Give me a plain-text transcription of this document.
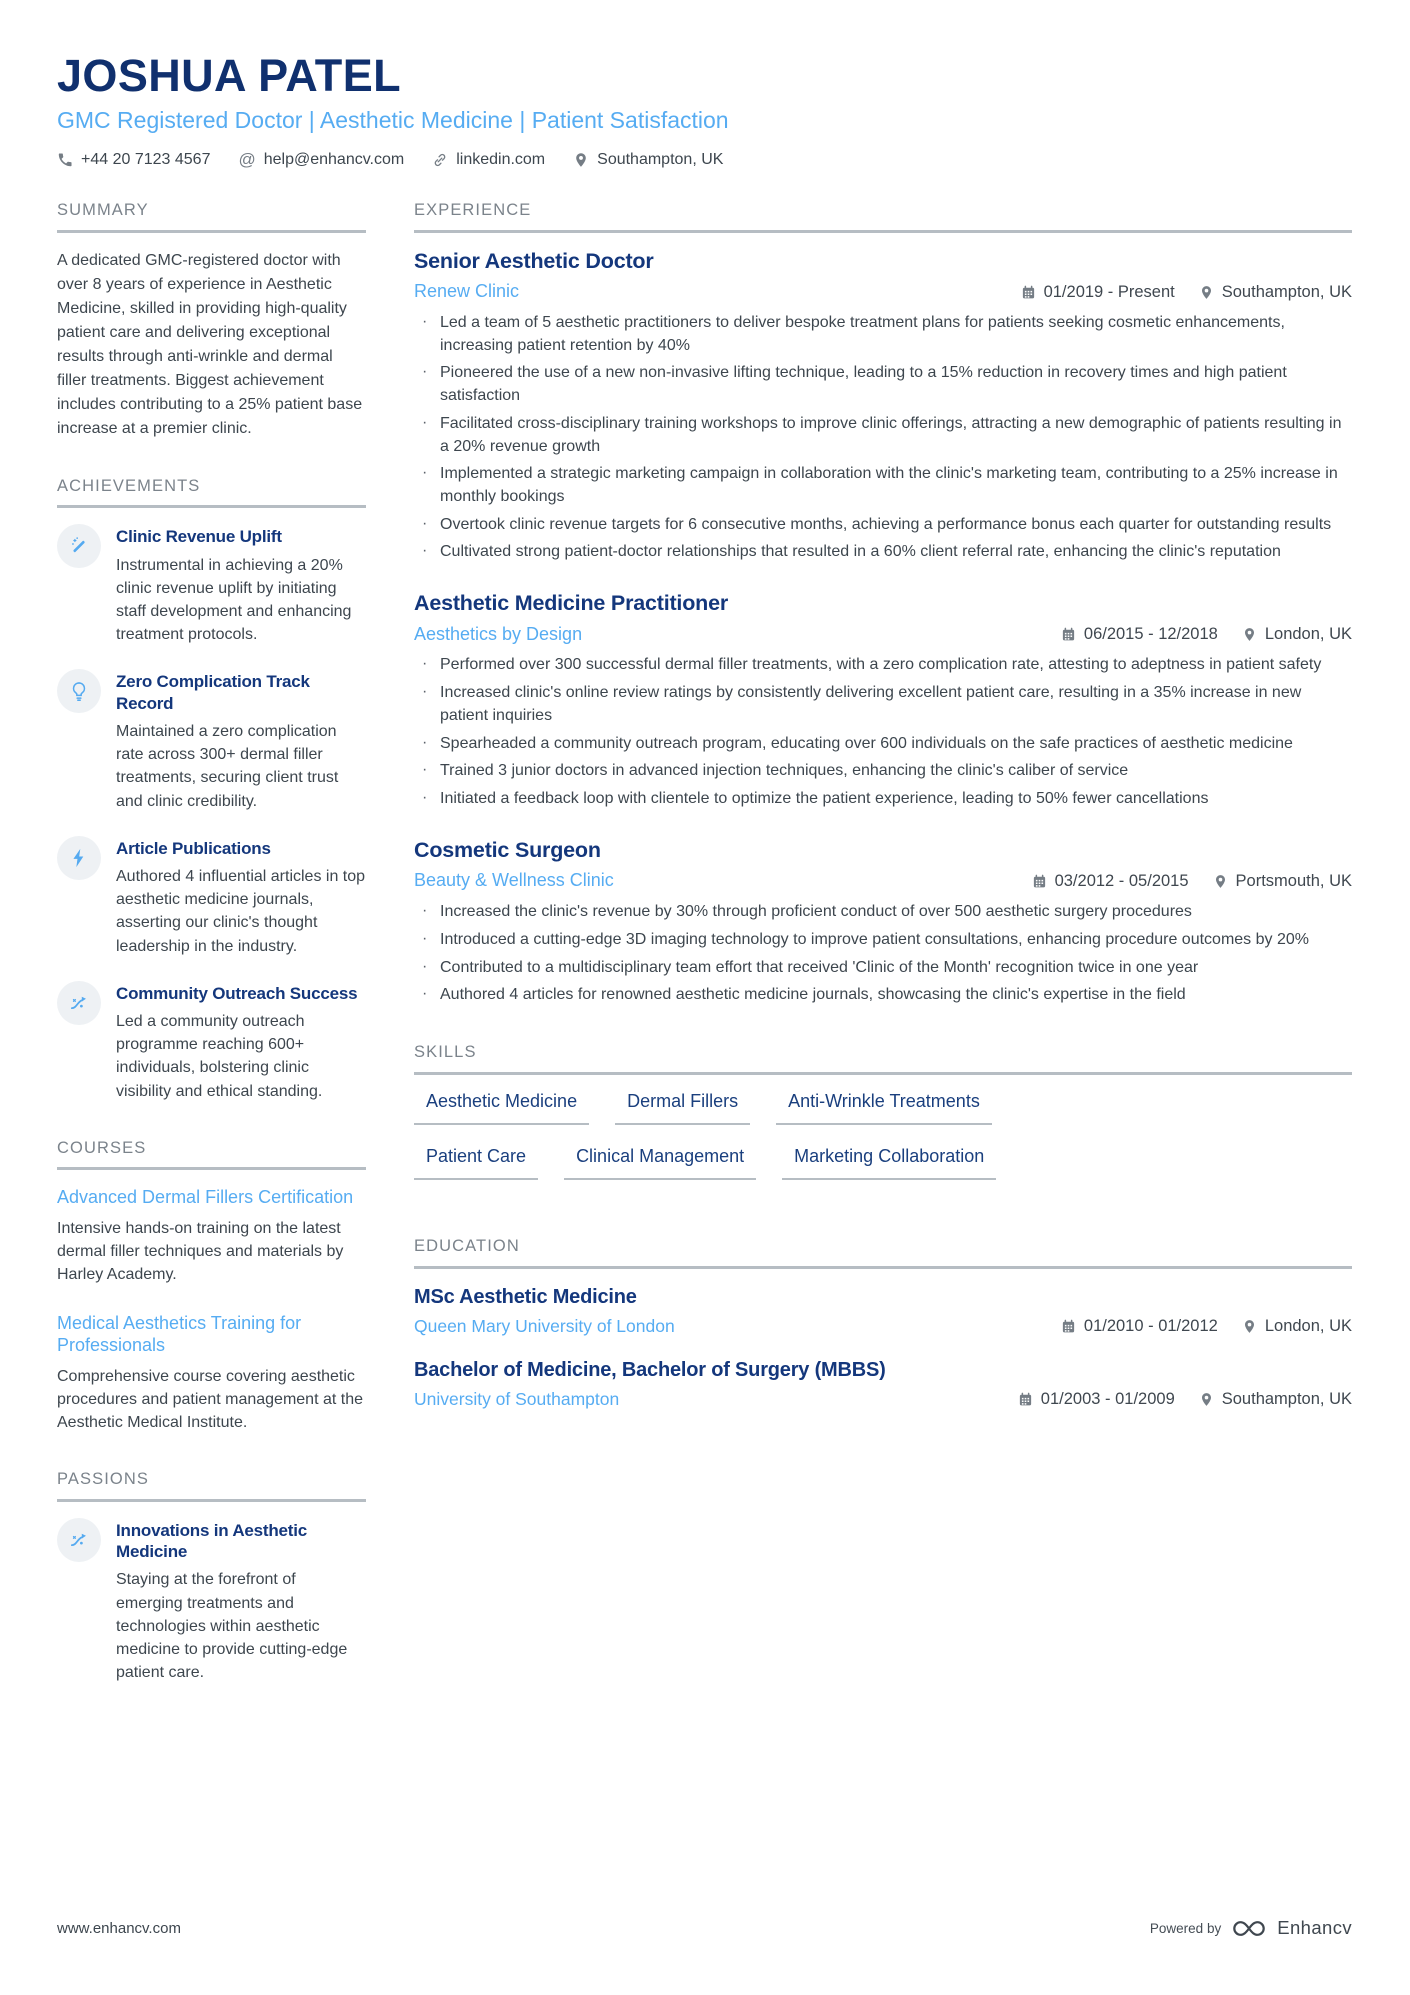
JOSHUA PATEL
GMC Registered Doctor | Aesthetic Medicine | Patient Satisfaction
+44 20 7123 4567 @ help@enhancv.com	linkedin.com	Southampton, UK
SUMMARY

A dedicated GMC-registered doctor with over 8 years of experience in Aesthetic Medicine, skilled in providing high-quality patient care and delivering exceptional results through anti-wrinkle and dermal filler treatments. Biggest achievement includes contributing to a 25% patient base increase at a premier clinic.

ACHIEVEMENTS
Clinic Revenue Uplift

Instrumental in achieving a 20% clinic revenue uplift by initiating staff development and enhancing treatment protocols.

Zero Complication Track Record

Maintained a zero complication rate across 300+ dermal filler treatments, securing client trust and clinic credibility.

Article Publications

Authored 4 influential articles in top aesthetic medicine journals, asserting our clinic's thought leadership in the industry.

Community Outreach Success

Led a community outreach programme reaching 600+ individuals, bolstering clinic visibility and ethical standing.

COURSES
Advanced Dermal Fillers Certification

Intensive hands-on training on the latest dermal filler techniques and materials by Harley Academy.

Medical Aesthetics Training for Professionals

Comprehensive course covering aesthetic procedures and patient management at the Aesthetic Medical Institute.

PASSIONS
Innovations in Aesthetic Medicine

Staying at the forefront of emerging treatments and technologies within aesthetic medicine to provide cutting-edge patient care.

EXPERIENCE
Senior Aesthetic Doctor
Renew Clinic	01/2019 - Present	Southampton, UK
· Led a team of 5 aesthetic practitioners to deliver bespoke treatment plans for patients seeking cosmetic enhancements, increasing patient retention by 40%
· Pioneered the use of a new non-invasive lifting technique, leading to a 15% reduction in recovery times and high patient satisfaction
· Facilitated cross-disciplinary training workshops to improve clinic offerings, attracting a new demographic of patients resulting in a 20% revenue growth
· Implemented a strategic marketing campaign in collaboration with the clinic's marketing team, contributing to a 25% increase in monthly bookings
· Overtook clinic revenue targets for 6 consecutive months, achieving a performance bonus each quarter for outstanding results
· Cultivated strong patient-doctor relationships that resulted in a 60% client referral rate, enhancing the clinic's reputation
Aesthetic Medicine Practitioner
Aesthetics by Design	06/2015 - 12/2018	London, UK
· Performed over 300 successful dermal filler treatments, with a zero complication rate, attesting to adeptness in patient safety
· Increased clinic's online review ratings by consistently delivering excellent patient care, resulting in a 35% increase in new patient inquiries
· Spearheaded a community outreach program, educating over 600 individuals on the safe practices of aesthetic medicine
· Trained 3 junior doctors in advanced injection techniques, enhancing the clinic's caliber of service
· Initiated a feedback loop with clientele to optimize the patient experience, leading to 50% fewer cancellations
Cosmetic Surgeon
Beauty & Wellness Clinic	03/2012 - 05/2015	Portsmouth, UK
· Increased the clinic's revenue by 30% through proficient conduct of over 500 aesthetic surgery procedures
· Introduced a cutting-edge 3D imaging technology to improve patient consultations, enhancing procedure outcomes by 20%
· Contributed to a multidisciplinary team effort that received 'Clinic of the Month' recognition twice in one year
· Authored 4 articles for renowned aesthetic medicine journals, showcasing the clinic's expertise in the field
SKILLS
Aesthetic Medicine	Dermal Fillers	Anti-Wrinkle Treatments
Patient Care	Clinical Management	Marketing Collaboration
EDUCATION
MSc Aesthetic Medicine
Queen Mary University of London	01/2010 - 01/2012	London, UK
Bachelor of Medicine, Bachelor of Surgery (MBBS)
University of Southampton	01/2003 - 01/2009	Southampton, UK
www.enhancv.com	Powered by	Enhancv
